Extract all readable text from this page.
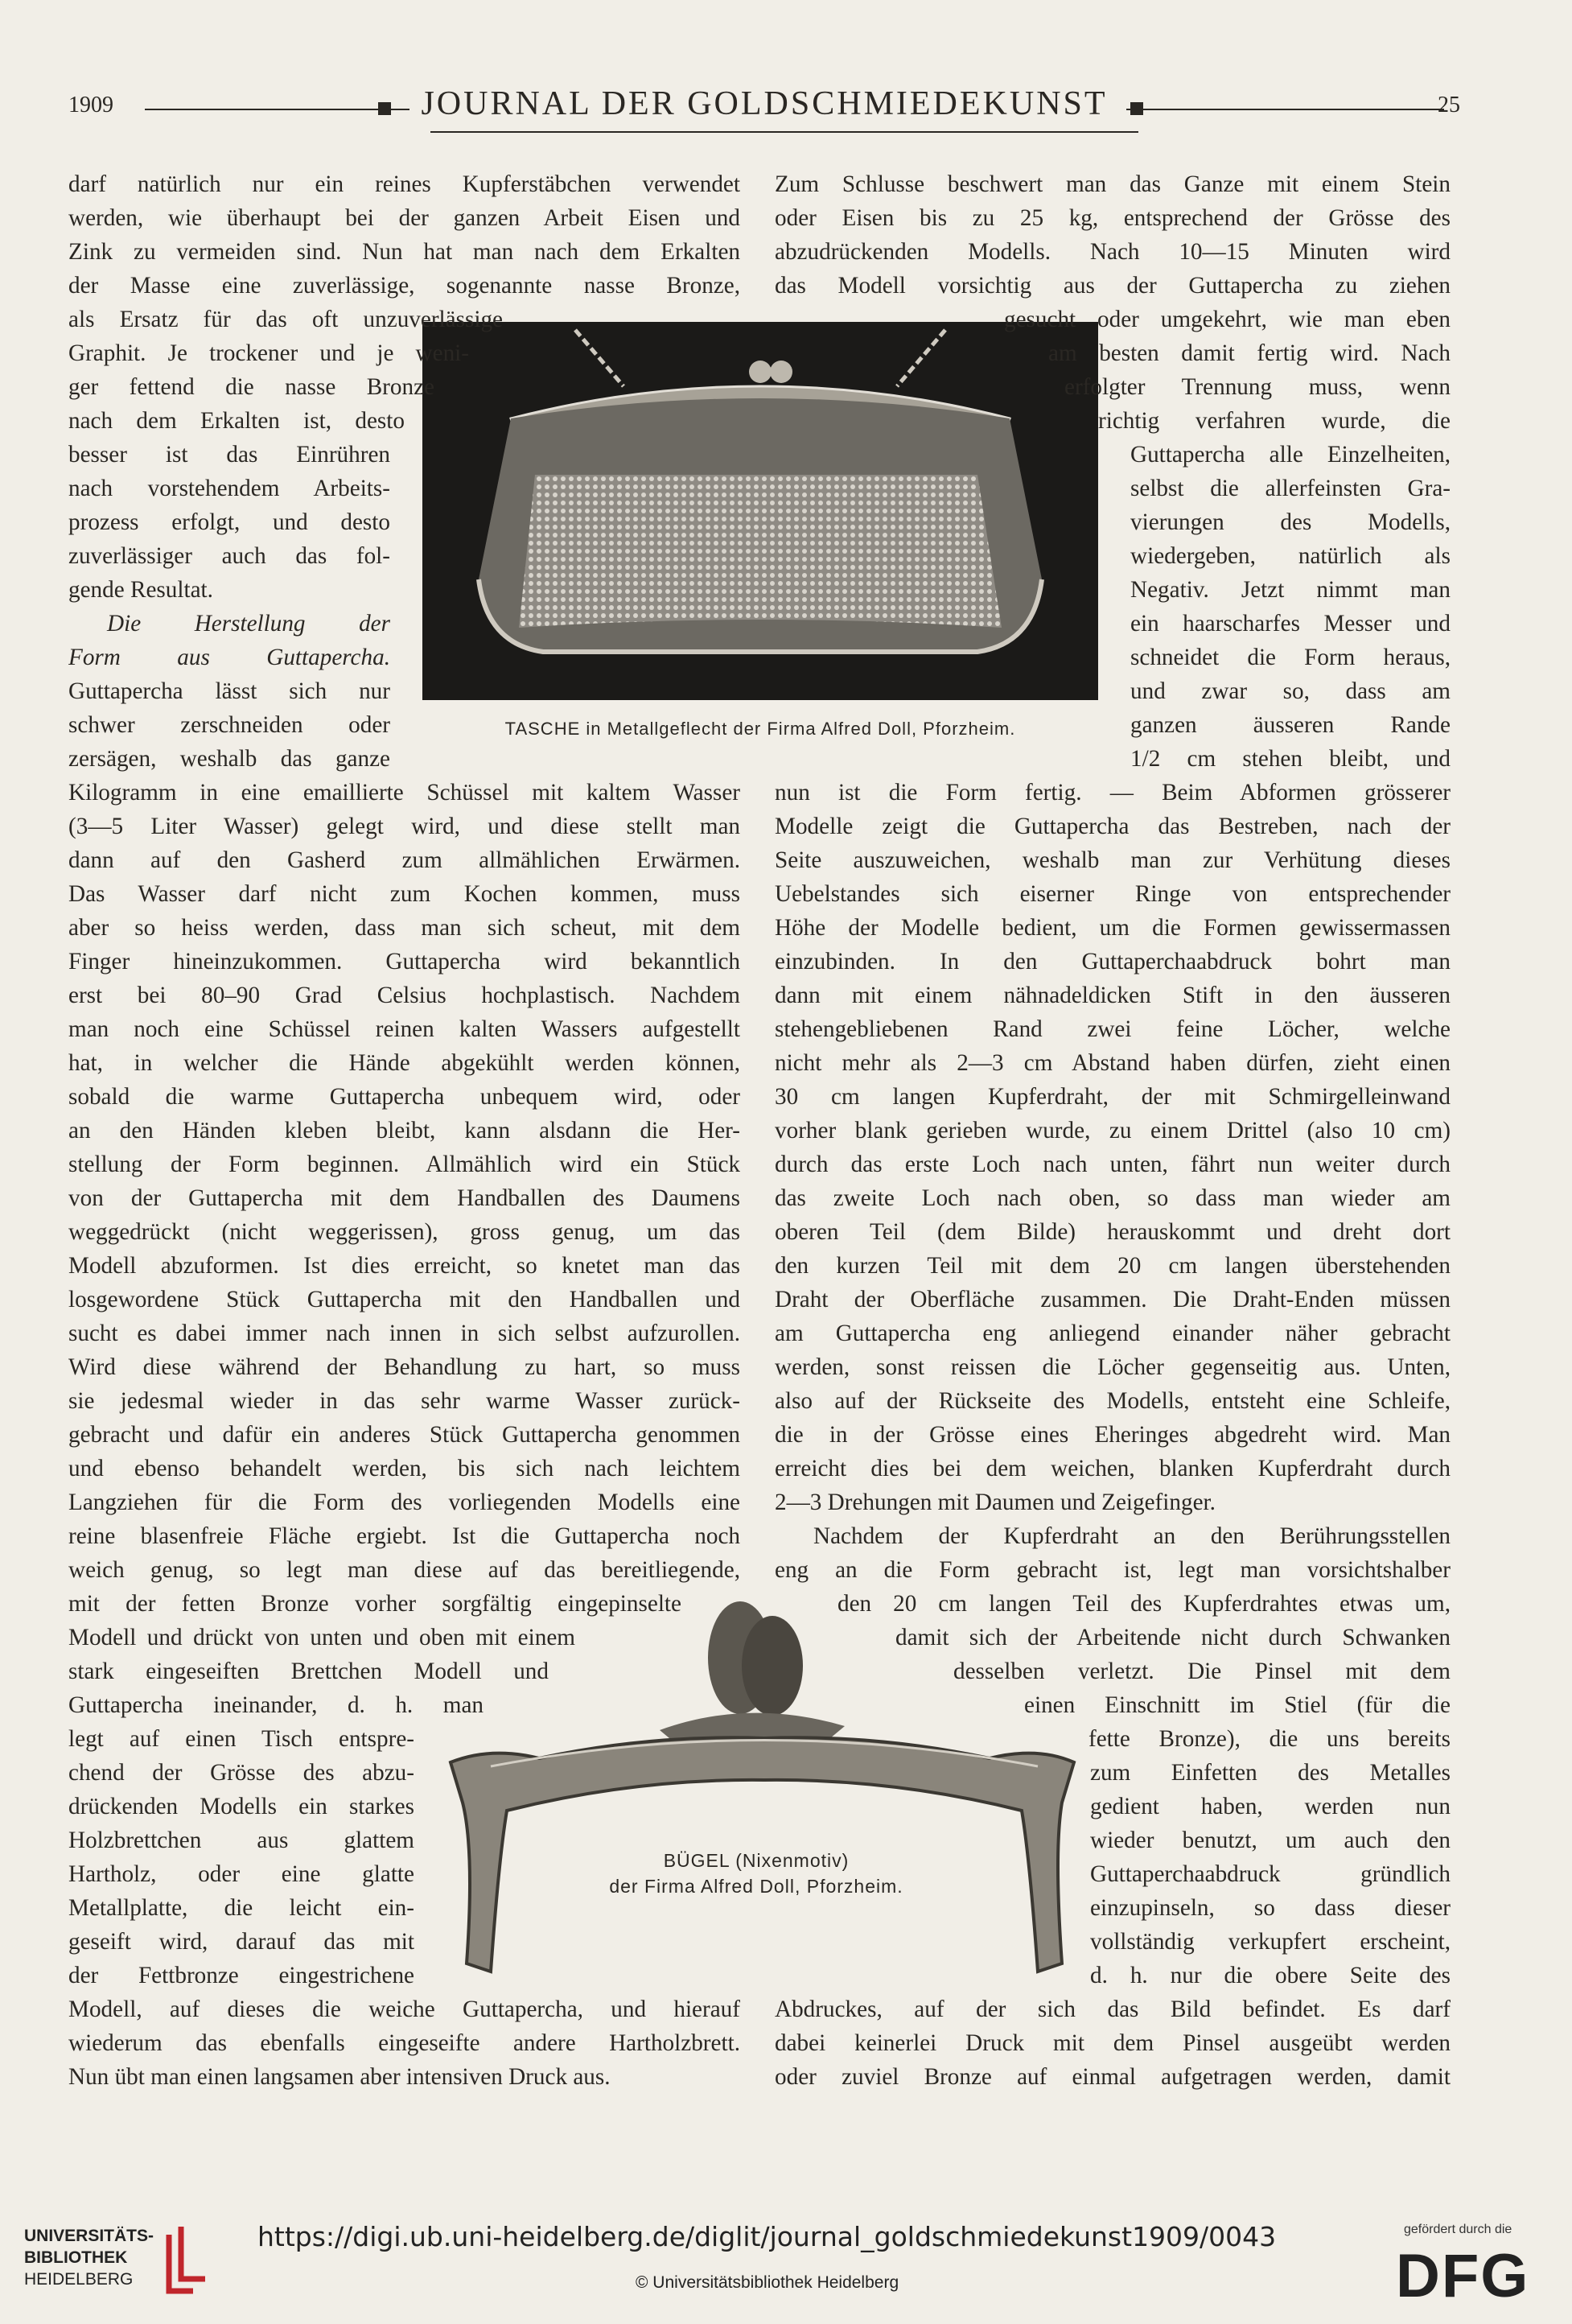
1909	JOURNAL DER GOLDSCHMIEDEKUNST	25
TASCHE in Metallgeflecht der Firma Alfred Doll, Pforzheim.
BÜGEL (Nixenmotiv)
der Firma Alfred Doll, Pforzheim.
darf natürlich nur ein reines Kupferstäbchen verwendet
werden, wie überhaupt bei der ganzen Arbeit Eisen und
Zink zu vermeiden sind. Nun hat man nach dem Erkalten
der Masse eine zuverlässige, sogenannte nasse Bronze,
als Ersatz für das oft unzuverlässige
Graphit. Je trockener und je weni-
ger fettend die nasse Bronze
nach dem Erkalten ist, desto
besser ist das Einrühren
nach vorstehendem Arbeits-
prozess erfolgt, und desto
zuverlässiger auch das fol-
gende Resultat.
Die Herstellung der
Form aus Guttapercha.
Guttapercha lässt sich nur
schwer zerschneiden oder
zersägen, weshalb das ganze
Kilogramm in eine emaillierte Schüssel mit kaltem Wasser
(3—5 Liter Wasser) gelegt wird, und diese stellt man
dann auf den Gasherd zum allmählichen Erwärmen.
Das Wasser darf nicht zum Kochen kommen, muss
aber so heiss werden, dass man sich scheut, mit dem
Finger hineinzukommen. Guttapercha wird bekanntlich
erst bei 80–90 Grad Celsius hochplastisch. Nachdem
man noch eine Schüssel reinen kalten Wassers aufgestellt
hat, in welcher die Hände abgekühlt werden können,
sobald die warme Guttapercha unbequem wird, oder
an den Händen kleben bleibt, kann alsdann die Her-
stellung der Form beginnen. Allmählich wird ein Stück
von der Guttapercha mit dem Handballen des Daumens
weggedrückt (nicht weggerissen), gross genug, um das
Modell abzuformen. Ist dies erreicht, so knetet man das
losgewordene Stück Guttapercha mit den Handballen und
sucht es dabei immer nach innen in sich selbst aufzurollen.
Wird diese während der Behandlung zu hart, so muss
sie jedesmal wieder in das sehr warme Wasser zurück-
gebracht und dafür ein anderes Stück Guttapercha genommen
und ebenso behandelt werden, bis sich nach leichtem
Langziehen für die Form des vorliegenden Modells eine
reine blasenfreie Fläche ergiebt. Ist die Guttapercha noch
weich genug, so legt man diese auf das bereitliegende,
mit der fetten Bronze vorher sorgfältig eingepinselte
Modell und drückt von unten und oben mit einem
stark eingeseiften Brettchen Modell und
Guttapercha ineinander, d. h. man
legt auf einen Tisch entspre-
chend der Grösse des abzu-
drückenden Modells ein starkes
Holzbrettchen aus glattem
Hartholz, oder eine glatte
Metallplatte, die leicht ein-
geseift wird, darauf das mit
der Fettbronze eingestrichene
Modell, auf dieses die weiche Guttapercha, und hierauf
wiederum das ebenfalls eingeseifte andere Hartholzbrett.
Nun übt man einen langsamen aber intensiven Druck aus.
Zum Schlusse beschwert man das Ganze mit einem Stein
oder Eisen bis zu 25 kg, entsprechend der Grösse des
abzudrückenden Modells. Nach 10—15 Minuten wird
das Modell vorsichtig aus der Guttapercha zu ziehen
gesucht oder umgekehrt, wie man eben
am besten damit fertig wird. Nach
erfolgter Trennung muss, wenn
richtig verfahren wurde, die
Guttapercha alle Einzelheiten,
selbst die allerfeinsten Gra-
vierungen des Modells,
wiedergeben, natürlich als
Negativ. Jetzt nimmt man
ein haarscharfes Messer und
schneidet die Form heraus,
und zwar so, dass am
ganzen äusseren Rande
1/2 cm stehen bleibt, und
nun ist die Form fertig. — Beim Abformen grösserer
Modelle zeigt die Guttapercha das Bestreben, nach der
Seite auszuweichen, weshalb man zur Verhütung dieses
Uebelstandes sich eiserner Ringe von entsprechender
Höhe der Modelle bedient, um die Formen gewissermassen
einzubinden. In den Guttaperchaabdruck bohrt man
dann mit einem nähnadeldicken Stift in den äusseren
stehengebliebenen Rand zwei feine Löcher, welche
nicht mehr als 2—3 cm Abstand haben dürfen, zieht einen
30 cm langen Kupferdraht, der mit Schmirgelleinwand
vorher blank gerieben wurde, zu einem Drittel (also 10 cm)
durch das erste Loch nach unten, fährt nun weiter durch
das zweite Loch nach oben, so dass man wieder am
oberen Teil (dem Bilde) herauskommt und dreht dort
den kurzen Teil mit dem 20 cm langen überstehenden
Draht der Oberfläche zusammen. Die Draht-Enden müssen
am Guttapercha eng anliegend einander näher gebracht
werden, sonst reissen die Löcher gegenseitig aus. Unten,
also auf der Rückseite des Modells, entsteht eine Schleife,
die in der Grösse eines Eheringes abgedreht wird. Man
erreicht dies bei dem weichen, blanken Kupferdraht durch
2—3 Drehungen mit Daumen und Zeigefinger.
Nachdem der Kupferdraht an den Berührungsstellen
eng an die Form gebracht ist, legt man vorsichtshalber
den 20 cm langen Teil des Kupferdrahtes etwas um,
damit sich der Arbeitende nicht durch Schwanken
desselben verletzt. Die Pinsel mit dem
einen Einschnitt im Stiel (für die
fette Bronze), die uns bereits
zum Einfetten des Metalles
gedient haben, werden nun
wieder benutzt, um auch den
Guttaperchaabdruck gründlich
einzupinseln, so dass dieser
vollständig verkupfert erscheint,
d. h. nur die obere Seite des
Abdruckes, auf der sich das Bild befindet. Es darf
dabei keinerlei Druck mit dem Pinsel ausgeübt werden
oder zuviel Bronze auf einmal aufgetragen werden, damit
UNIVERSITÄTS-
BIBLIOTHEK
HEIDELBERG
https://digi.ub.uni-heidelberg.de/diglit/journal_goldschmiedekunst1909/0043
© Universitätsbibliothek Heidelberg
gefördert durch die
DFG
